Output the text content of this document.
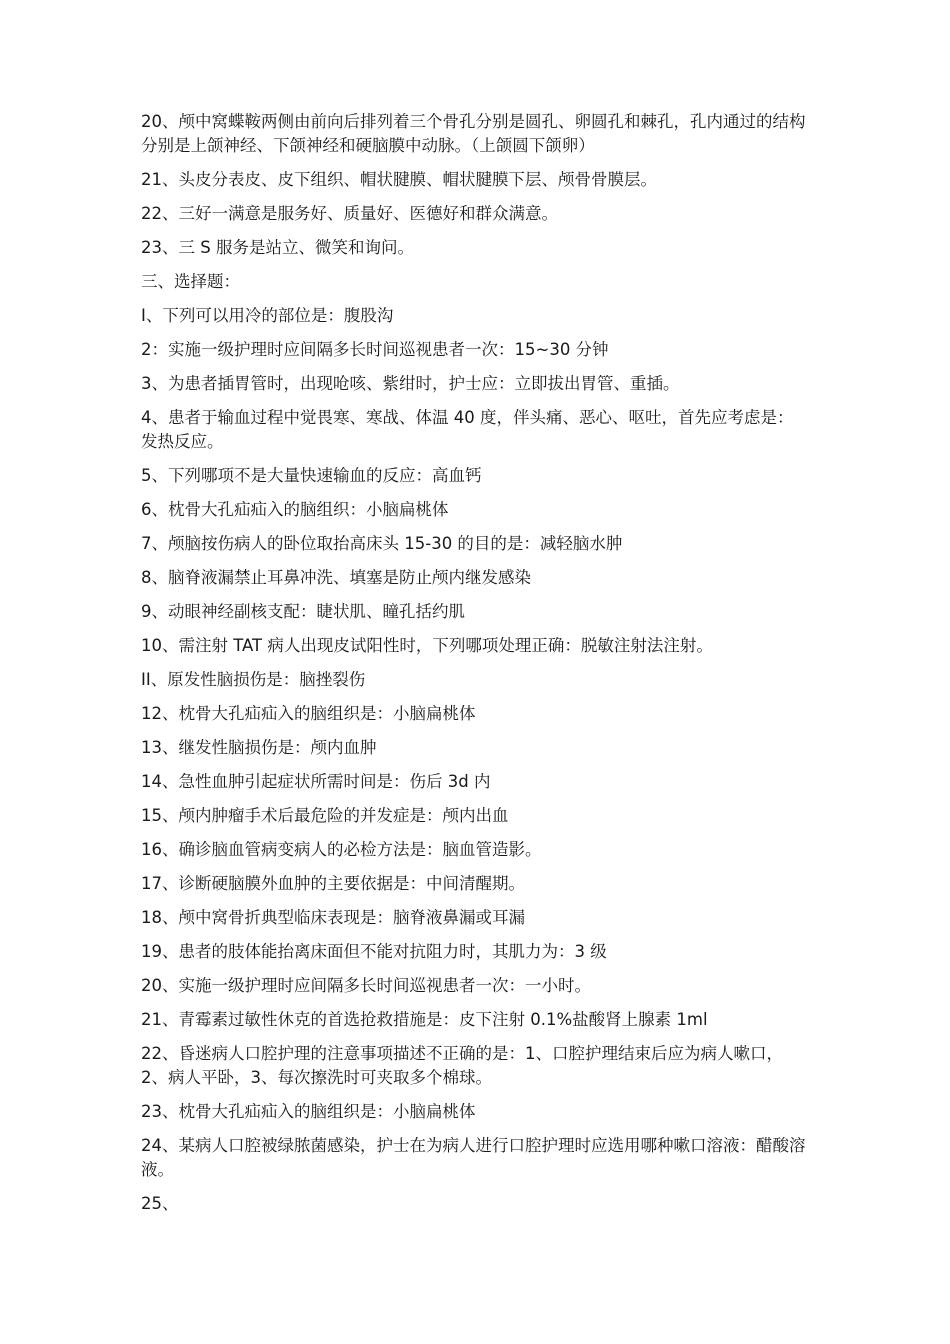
20、颅中窝蝶鞍两侧由前向后排列着三个骨孔分别是圆孔、卵圆孔和棘孔，孔内通过的结构分别是上颌神经、下颌神经和硬脑膜中动脉。（上颌圆下颌卵）

21、头皮分表皮、皮下组织、帽状腱膜、帽状腱膜下层、颅骨骨膜层。

22、三好一满意是服务好、质量好、医德好和群众满意。

23、三 S 服务是站立、微笑和询问。

三、选择题：

I、下列可以用冷的部位是：腹股沟

2：实施一级护理时应间隔多长时间巡视患者一次：15~30 分钟

3、为患者插胃管时，出现呛咳、紫绀时，护士应：立即拔出胃管、重插。

4、患者于输血过程中觉畏寒、寒战、体温 40 度，伴头痛、恶心、呕吐，首先应考虑是：发热反应。

5、下列哪项不是大量快速输血的反应：高血钙

6、枕骨大孔疝疝入的脑组织：小脑扁桃体

7、颅脑按伤病人的卧位取抬高床头 15-30 的目的是：减轻脑水肿

8、脑脊液漏禁止耳鼻冲洗、填塞是防止颅内继发感染

9、动眼神经副核支配：睫状肌、瞳孔括约肌

10、需注射 TAT 病人出现皮试阳性时，下列哪项处理正确：脱敏注射法注射。

II、原发性脑损伤是：脑挫裂伤

12、枕骨大孔疝疝入的脑组织是：小脑扁桃体

13、继发性脑损伤是：颅内血肿

14、急性血肿引起症状所需时间是：伤后 3d 内

15、颅内肿瘤手术后最危险的并发症是：颅内出血

16、确诊脑血管病变病人的必检方法是：脑血管造影。

17、诊断硬脑膜外血肿的主要依据是：中间清醒期。

18、颅中窝骨折典型临床表现是：脑脊液鼻漏或耳漏

19、患者的肢体能抬离床面但不能对抗阻力时，其肌力为：3 级

20、实施一级护理时应间隔多长时间巡视患者一次：一小时。

21、青霉素过敏性休克的首选抢救措施是：皮下注射 0.1%盐酸肾上腺素 1ml

22、昏迷病人口腔护理的注意事项描述不正确的是：1、口腔护理结束后应为病人嗽口，2、病人平卧，3、每次擦洗时可夹取多个棉球。

23、枕骨大孔疝疝入的脑组织是：小脑扁桃体

24、某病人口腔被绿脓菌感染，护士在为病人进行口腔护理时应选用哪种嗽口溶液：醋酸溶液。

25、
